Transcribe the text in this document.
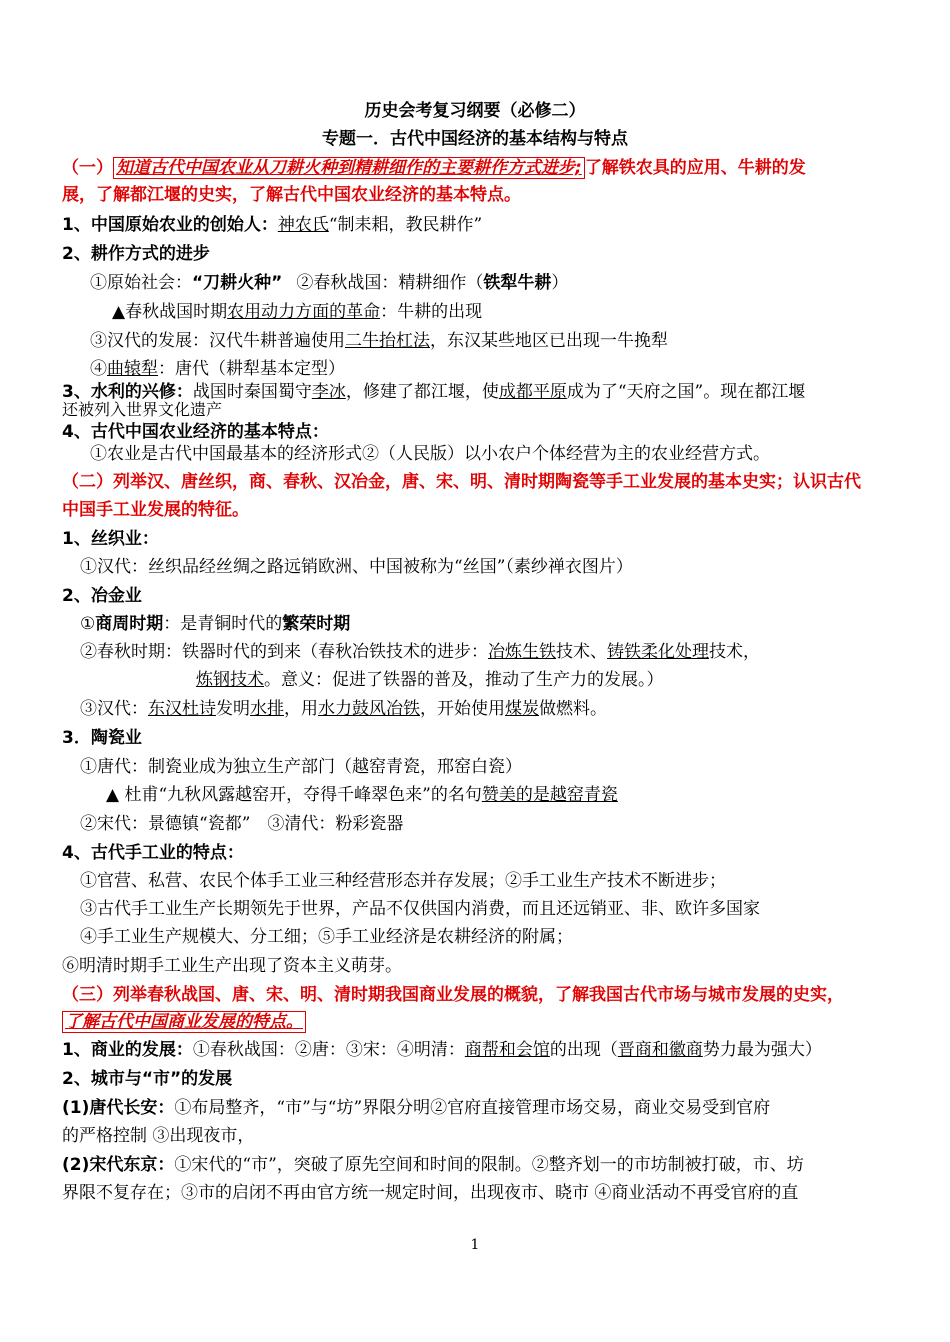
历史会考复习纲要（必修二）
专题一．古代中国经济的基本结构与特点
（一） 知道古代中国农业从刀耕火种到精耕细作的主要耕作方式进步; 了解铁农具的应用、牛耕的发
展，了解都江堰的史实，了解古代中国农业经济的基本特点。
1、中国原始农业的创始人：神农氏“制耒耜，教民耕作”
2、耕作方式的进步
①原始社会：“刀耕火种” ②春秋战国：精耕细作（铁犁牛耕）
▲春秋战国时期农用动力方面的革命：牛耕的出现
③汉代的发展：汉代牛耕普遍使用二牛抬杠法，东汉某些地区已出现一牛挽犁
④曲辕犁：唐代（耕犁基本定型）
3、水利的兴修：战国时秦国蜀守李冰，修建了都江堰，使成都平原成为了“天府之国”。现在都江堰
还被列入世界文化遗产
4、古代中国农业经济的基本特点：
①农业是古代中国最基本的经济形式②（人民版）以小农户个体经营为主的农业经营方式。
（二）列举汉、唐丝织，商、春秋、汉冶金，唐、宋、明、清时期陶瓷等手工业发展的基本史实；认识古代
中国手工业发展的特征。
1、丝织业：
①汉代：丝织品经丝绸之路远销欧洲、中国被称为“丝国”（素纱禅衣图片）
2、冶金业
①商周时期：是青铜时代的繁荣时期
②春秋时期：铁器时代的到来（春秋冶铁技术的进步：冶炼生铁技术、铸铁柔化处理技术，
炼钢技术。意义：促进了铁器的普及，推动了生产力的发展。）
③汉代：东汉杜诗发明水排，用水力鼓风冶铁，开始使用煤炭做燃料。
3．陶瓷业
①唐代：制瓷业成为独立生产部门（越窑青瓷，邢窑白瓷）
▲ 杜甫“九秋风露越窑开，夺得千峰翠色来”的名句赞美的是越窑青瓷
②宋代：景德镇“瓷都”　③清代：粉彩瓷器
4、古代手工业的特点：
①官营、私营、农民个体手工业三种经营形态并存发展；②手工业生产技术不断进步；
③古代手工业生产长期领先于世界，产品不仅供国内消费，而且还远销亚、非、欧许多国家
④手工业生产规模大、分工细；⑤手工业经济是农耕经济的附属；
⑥明清时期手工业生产出现了资本主义萌芽。
（三）列举春秋战国、唐、宋、明、清时期我国商业发展的概貌，了解我国古代市场与城市发展的史实，
了解古代中国商业发展的特点。
1、商业的发展：①春秋战国：②唐：③宋：④明清：商帮和会馆的出现（晋商和徽商势力最为强大）
2、城市与“市”的发展
(1)唐代长安：①布局整齐，“市”与“坊”界限分明②官府直接管理市场交易，商业交易受到官府
的严格控制 ③出现夜市，
(2)宋代东京：①宋代的“市”，突破了原先空间和时间的限制。②整齐划一的市坊制被打破，市、坊
界限不复存在；③市的启闭不再由官方统一规定时间，出现夜市、晓市 ④商业活动不再受官府的直
1
